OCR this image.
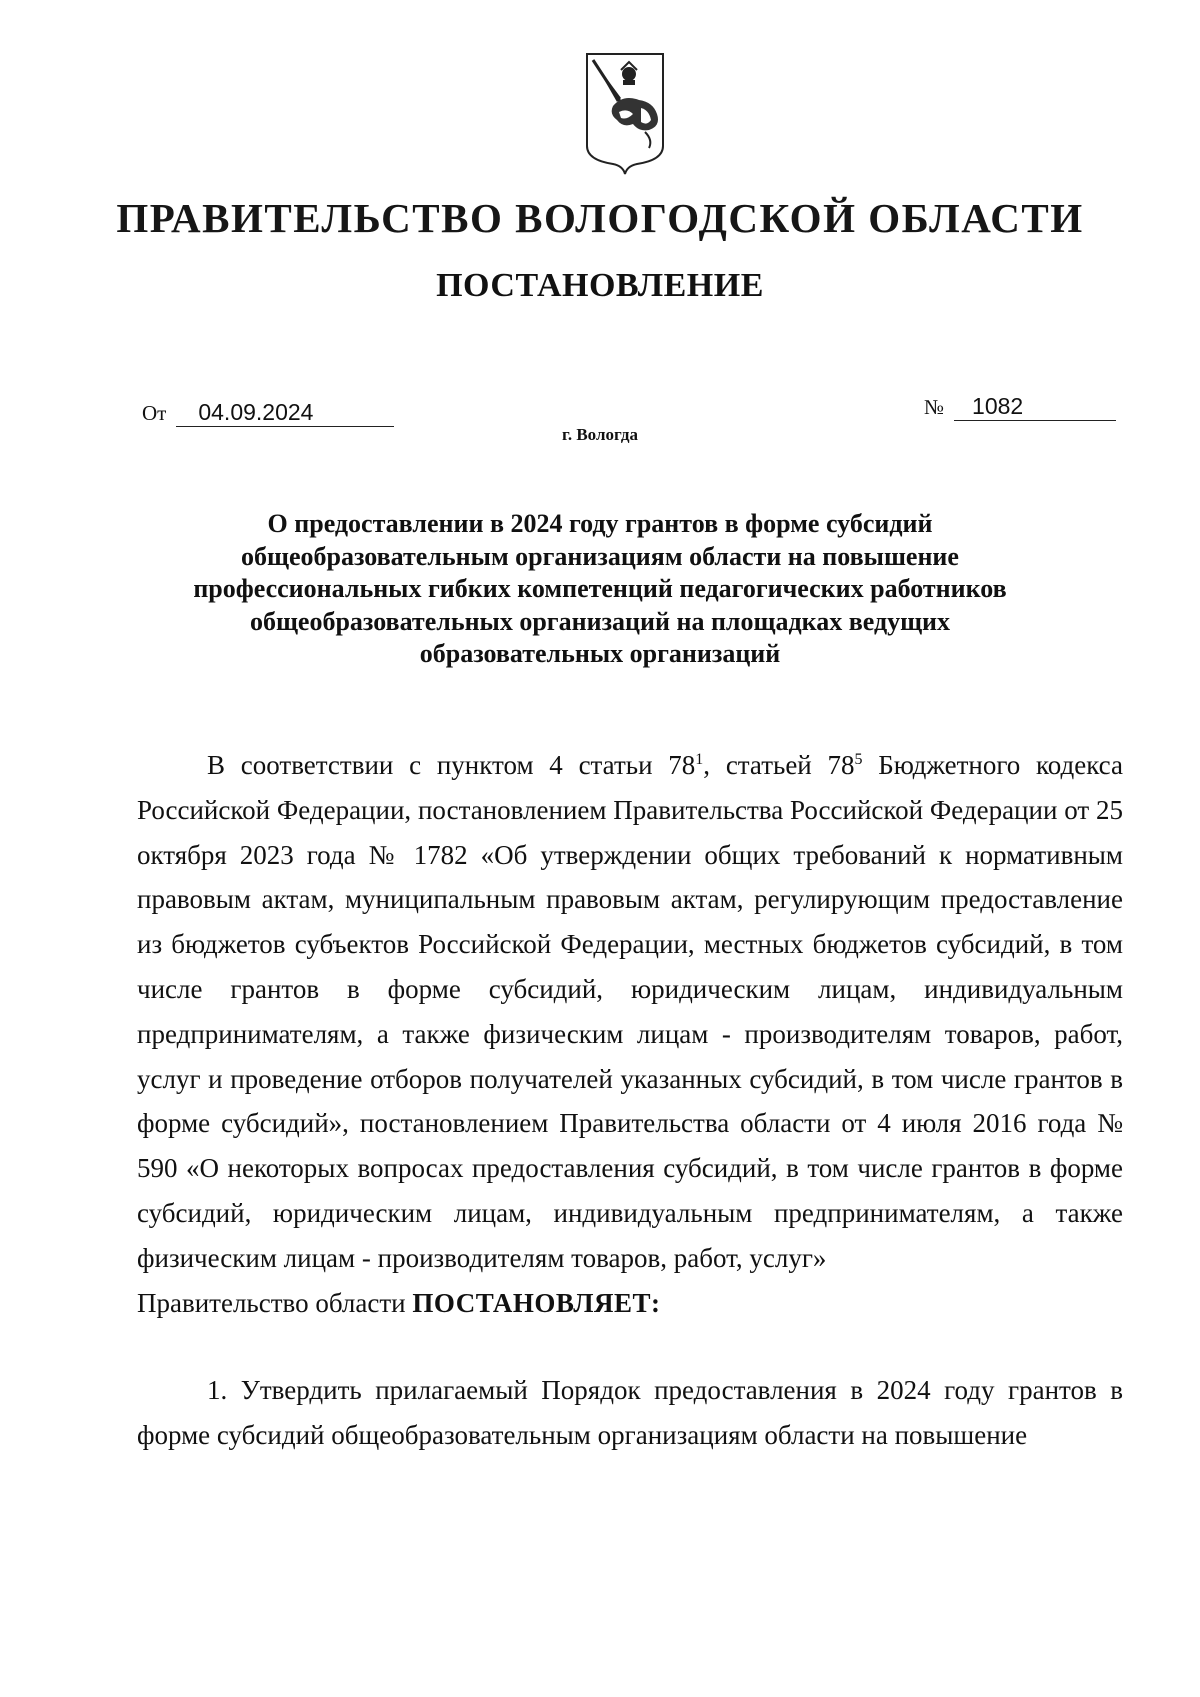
ПРАВИТЕЛЬСТВО ВОЛОГОДСКОЙ ОБЛАСТИ
ПОСТАНОВЛЕНИЕ
От	04.09.2024	№	1082
г. Вологда
О предоставлении в 2024 году грантов в форме субсидий общеобразовательным организациям области на повышение профессиональных гибких компетенций педагогических работников общеобразовательных организаций на площадках ведущих образовательных организаций

В соответствии с пунктом 4 статьи $78^1$, статьей $78^5$ Бюджетного кодекса Российской Федерации, постановлением Правительства Российской Федерации от 25 октября 2023 года № 1782 «Об утверждении общих требований к нормативным правовым актам, муниципальным правовым актам, регулирующим предоставление из бюджетов субъектов Российской Федерации, местных бюджетов субсидий, в том числе грантов в форме субсидий, юридическим лицам, индивидуальным предпринимателям, а также физическим лицам - производителям товаров, работ, услуг и проведение отборов получателей указанных субсидий, в том числе грантов в форме субсидий», постановлением Правительства области от 4 июля 2016 года № 590 «О некоторых вопросах предоставления субсидий, в том числе грантов в форме субсидий, юридическим лицам, индивидуальным предпринимателям, а также физическим лицам - производителям товаров, работ, услуг»

Правительство области ПОСТАНОВЛЯЕТ:

1. Утвердить прилагаемый Порядок предоставления в 2024 году грантов в форме субсидий общеобразовательным организациям области на повышение
